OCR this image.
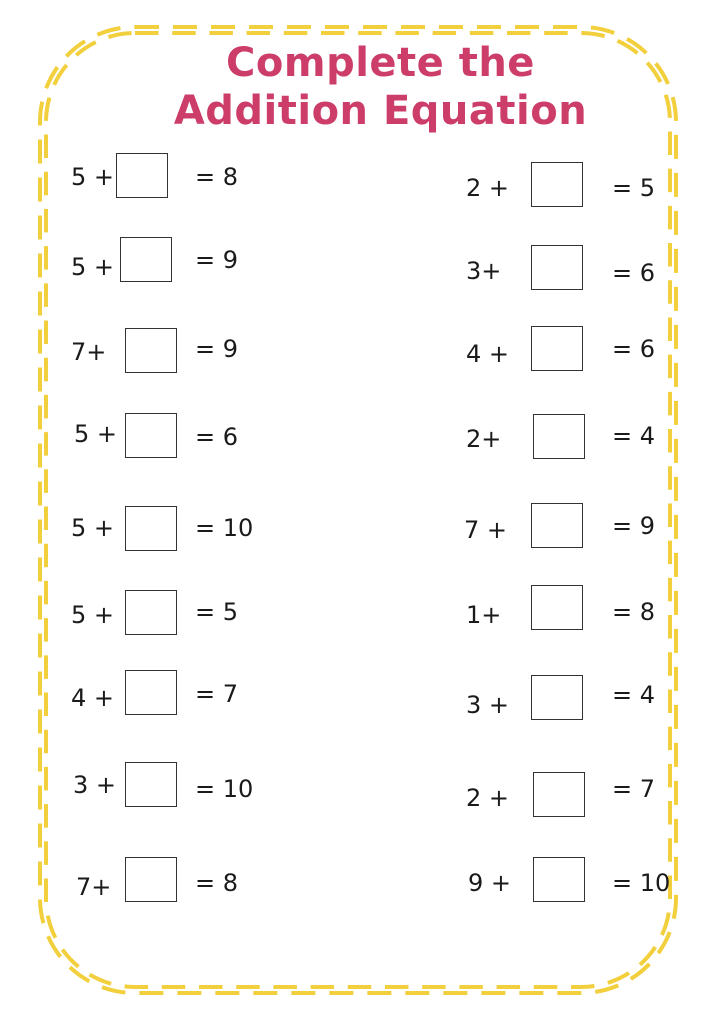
Complete the
Addition Equation
5 +	= 8
5 +	= 9
7+	= 9
5 +	= 6
5 +	= 10
5 +	= 5
4 +	= 7
3 +	= 10
7+	= 8
2 +	= 5
3+	= 6
4 +	= 6
2+	= 4
7 +	= 9
1+	= 8
3 +	= 4
2 +	= 7
9 +	= 10
